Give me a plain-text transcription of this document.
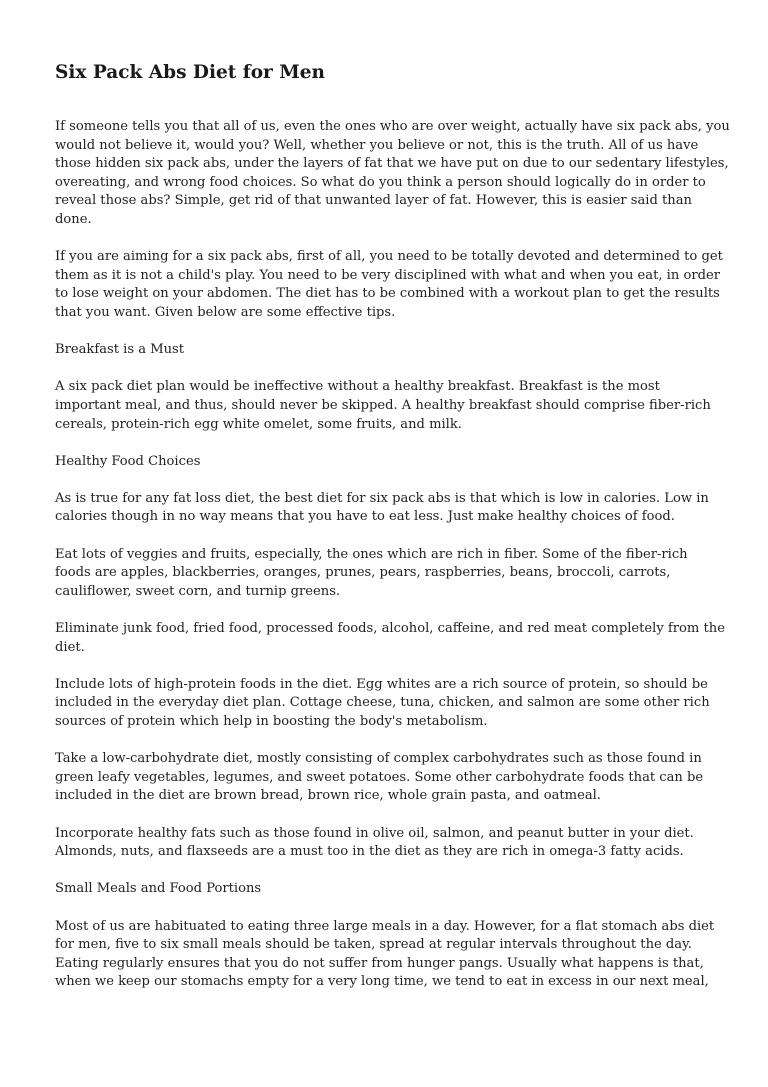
Six Pack Abs Diet for Men

If someone tells you that all of us, even the ones who are over weight, actually have six pack abs, you
would not believe it, would you? Well, whether you believe or not, this is the truth. All of us have
those hidden six pack abs, under the layers of fat that we have put on due to our sedentary lifestyles,
overeating, and wrong food choices. So what do you think a person should logically do in order to
reveal those abs? Simple, get rid of that unwanted layer of fat. However, this is easier said than
done.

If you are aiming for a six pack abs, first of all, you need to be totally devoted and determined to get
them as it is not a child's play. You need to be very disciplined with what and when you eat, in order
to lose weight on your abdomen. The diet has to be combined with a workout plan to get the results
that you want. Given below are some effective tips.

Breakfast is a Must

A six pack diet plan would be ineffective without a healthy breakfast. Breakfast is the most
important meal, and thus, should never be skipped. A healthy breakfast should comprise fiber-rich
cereals, protein-rich egg white omelet, some fruits, and milk.

Healthy Food Choices

As is true for any fat loss diet, the best diet for six pack abs is that which is low in calories. Low in
calories though in no way means that you have to eat less. Just make healthy choices of food.

Eat lots of veggies and fruits, especially, the ones which are rich in fiber. Some of the fiber-rich
foods are apples, blackberries, oranges, prunes, pears, raspberries, beans, broccoli, carrots,
cauliflower, sweet corn, and turnip greens.

Eliminate junk food, fried food, processed foods, alcohol, caffeine, and red meat completely from the
diet.

Include lots of high-protein foods in the diet. Egg whites are a rich source of protein, so should be
included in the everyday diet plan. Cottage cheese, tuna, chicken, and salmon are some other rich
sources of protein which help in boosting the body's metabolism.

Take a low-carbohydrate diet, mostly consisting of complex carbohydrates such as those found in
green leafy vegetables, legumes, and sweet potatoes. Some other carbohydrate foods that can be
included in the diet are brown bread, brown rice, whole grain pasta, and oatmeal.

Incorporate healthy fats such as those found in olive oil, salmon, and peanut butter in your diet.
Almonds, nuts, and flaxseeds are a must too in the diet as they are rich in omega-3 fatty acids.

Small Meals and Food Portions

Most of us are habituated to eating three large meals in a day. However, for a flat stomach abs diet
for men, five to six small meals should be taken, spread at regular intervals throughout the day.
Eating regularly ensures that you do not suffer from hunger pangs. Usually what happens is that,
when we keep our stomachs empty for a very long time, we tend to eat in excess in our next meal,
